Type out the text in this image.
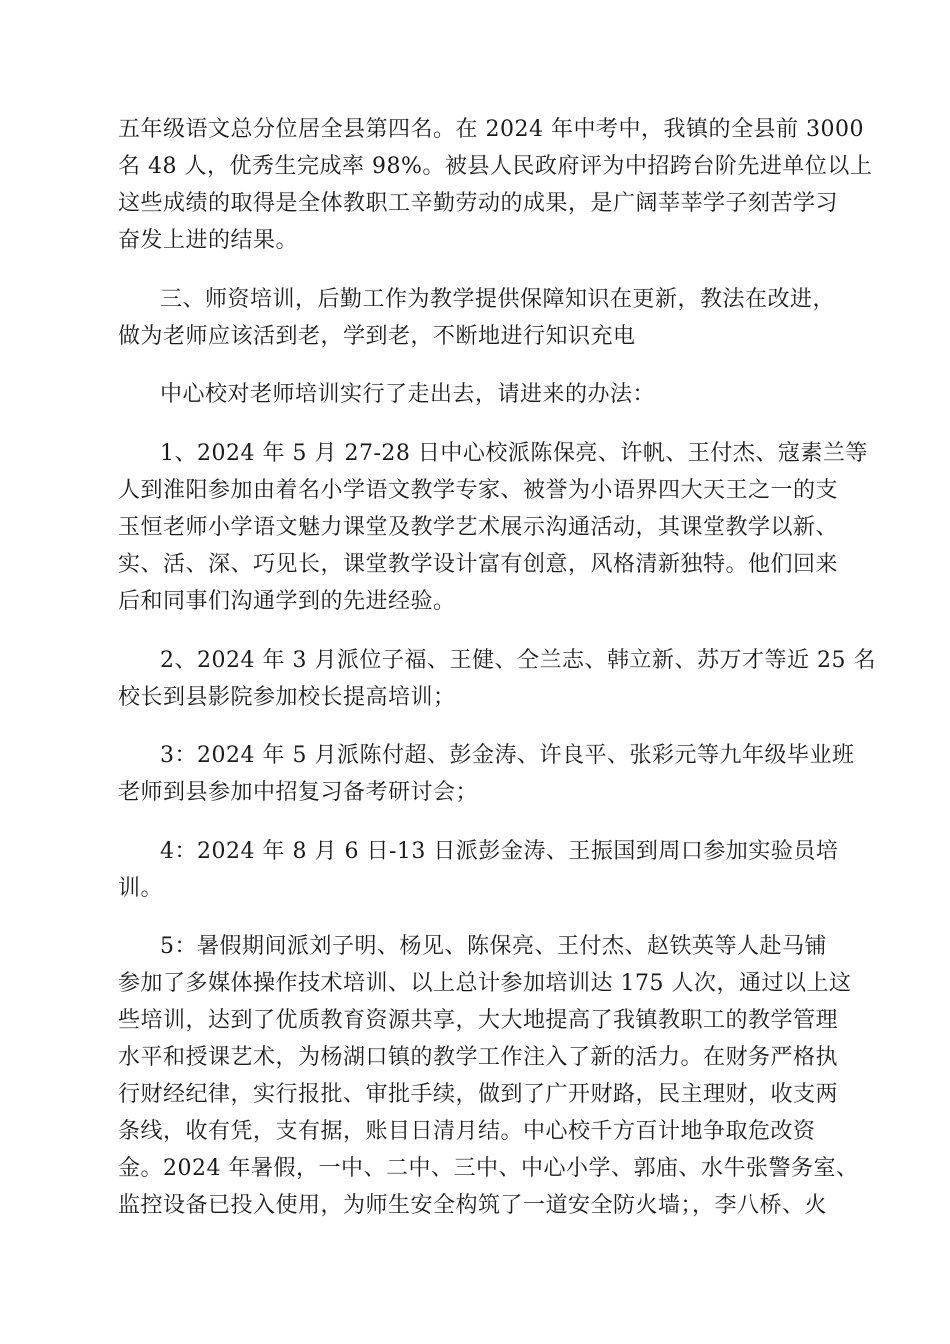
五年级语文总分位居全县第四名。在 2024 年中考中，我镇的全县前 3000
名 48 人，优秀生完成率 98%。被县人民政府评为中招跨台阶先进单位以上
这些成绩的取得是全体教职工辛勤劳动的成果，是广阔莘莘学子刻苦学习
奋发上进的结果。
三、师资培训，后勤工作为教学提供保障知识在更新，教法在改进，
做为老师应该活到老，学到老，不断地进行知识充电
中心校对老师培训实行了走出去，请进来的办法：
1、2024 年 5 月 27-28 日中心校派陈保亮、许帆、王付杰、寇素兰等
人到淮阳参加由着名小学语文教学专家、被誉为小语界四大天王之一的支
玉恒老师小学语文魅力课堂及教学艺术展示沟通活动，其课堂教学以新、
实、活、深、巧见长，课堂教学设计富有创意，风格清新独特。他们回来
后和同事们沟通学到的先进经验。
2、2024 年 3 月派位子福、王健、仝兰志、韩立新、苏万才等近 25 名
校长到县影院参加校长提高培训；
3：2024 年 5 月派陈付超、彭金涛、许良平、张彩元等九年级毕业班
老师到县参加中招复习备考研讨会；
4：2024 年 8 月 6 日-13 日派彭金涛、王振国到周口参加实验员培
训。
5：暑假期间派刘子明、杨见、陈保亮、王付杰、赵铁英等人赴马铺
参加了多媒体操作技术培训、以上总计参加培训达 175 人次，通过以上这
些培训，达到了优质教育资源共享，大大地提高了我镇教职工的教学管理
水平和授课艺术，为杨湖口镇的教学工作注入了新的活力。在财务严格执
行财经纪律，实行报批、审批手续，做到了广开财路，民主理财，收支两
条线，收有凭，支有据，账目日清月结。中心校千方百计地争取危改资
金。2024 年暑假，一中、二中、三中、中心小学、郭庙、水牛张警务室、
监控设备已投入使用，为师生安全构筑了一道安全防火墙；，李八桥、火
